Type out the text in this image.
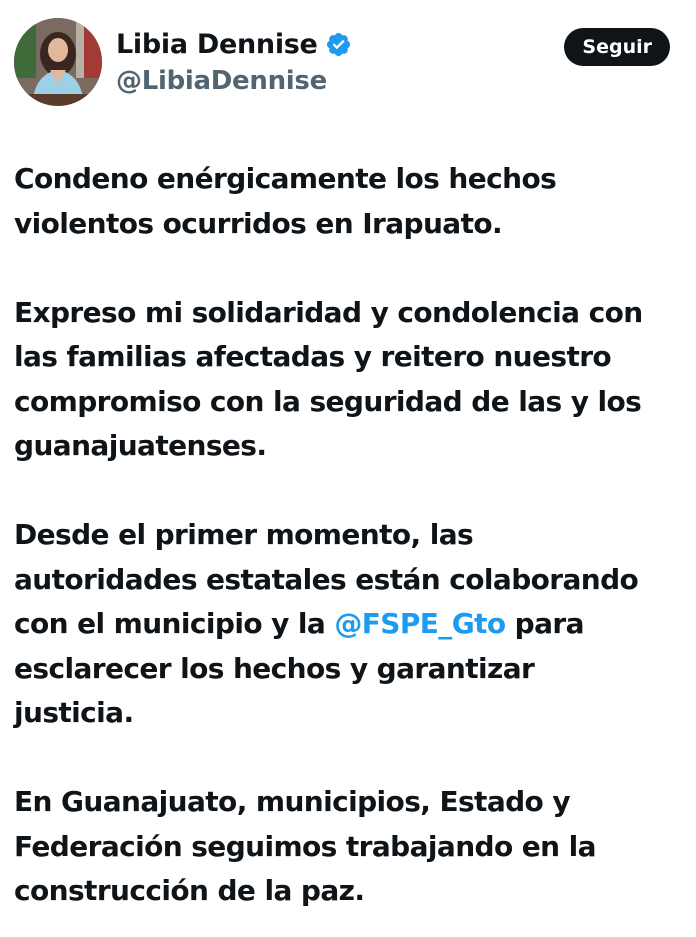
Libia Dennise
@LibiaDennise
Seguir
Condeno enérgicamente los hechos
violentos ocurridos en Irapuato.
Expreso mi solidaridad y condolencia con
las familias afectadas y reitero nuestro
compromiso con la seguridad de las y los
guanajuatenses.
Desde el primer momento, las
autoridades estatales están colaborando
con el municipio y la @FSPE_Gto para
esclarecer los hechos y garantizar
justicia.
En Guanajuato, municipios, Estado y
Federación seguimos trabajando en la
construcción de la paz.
